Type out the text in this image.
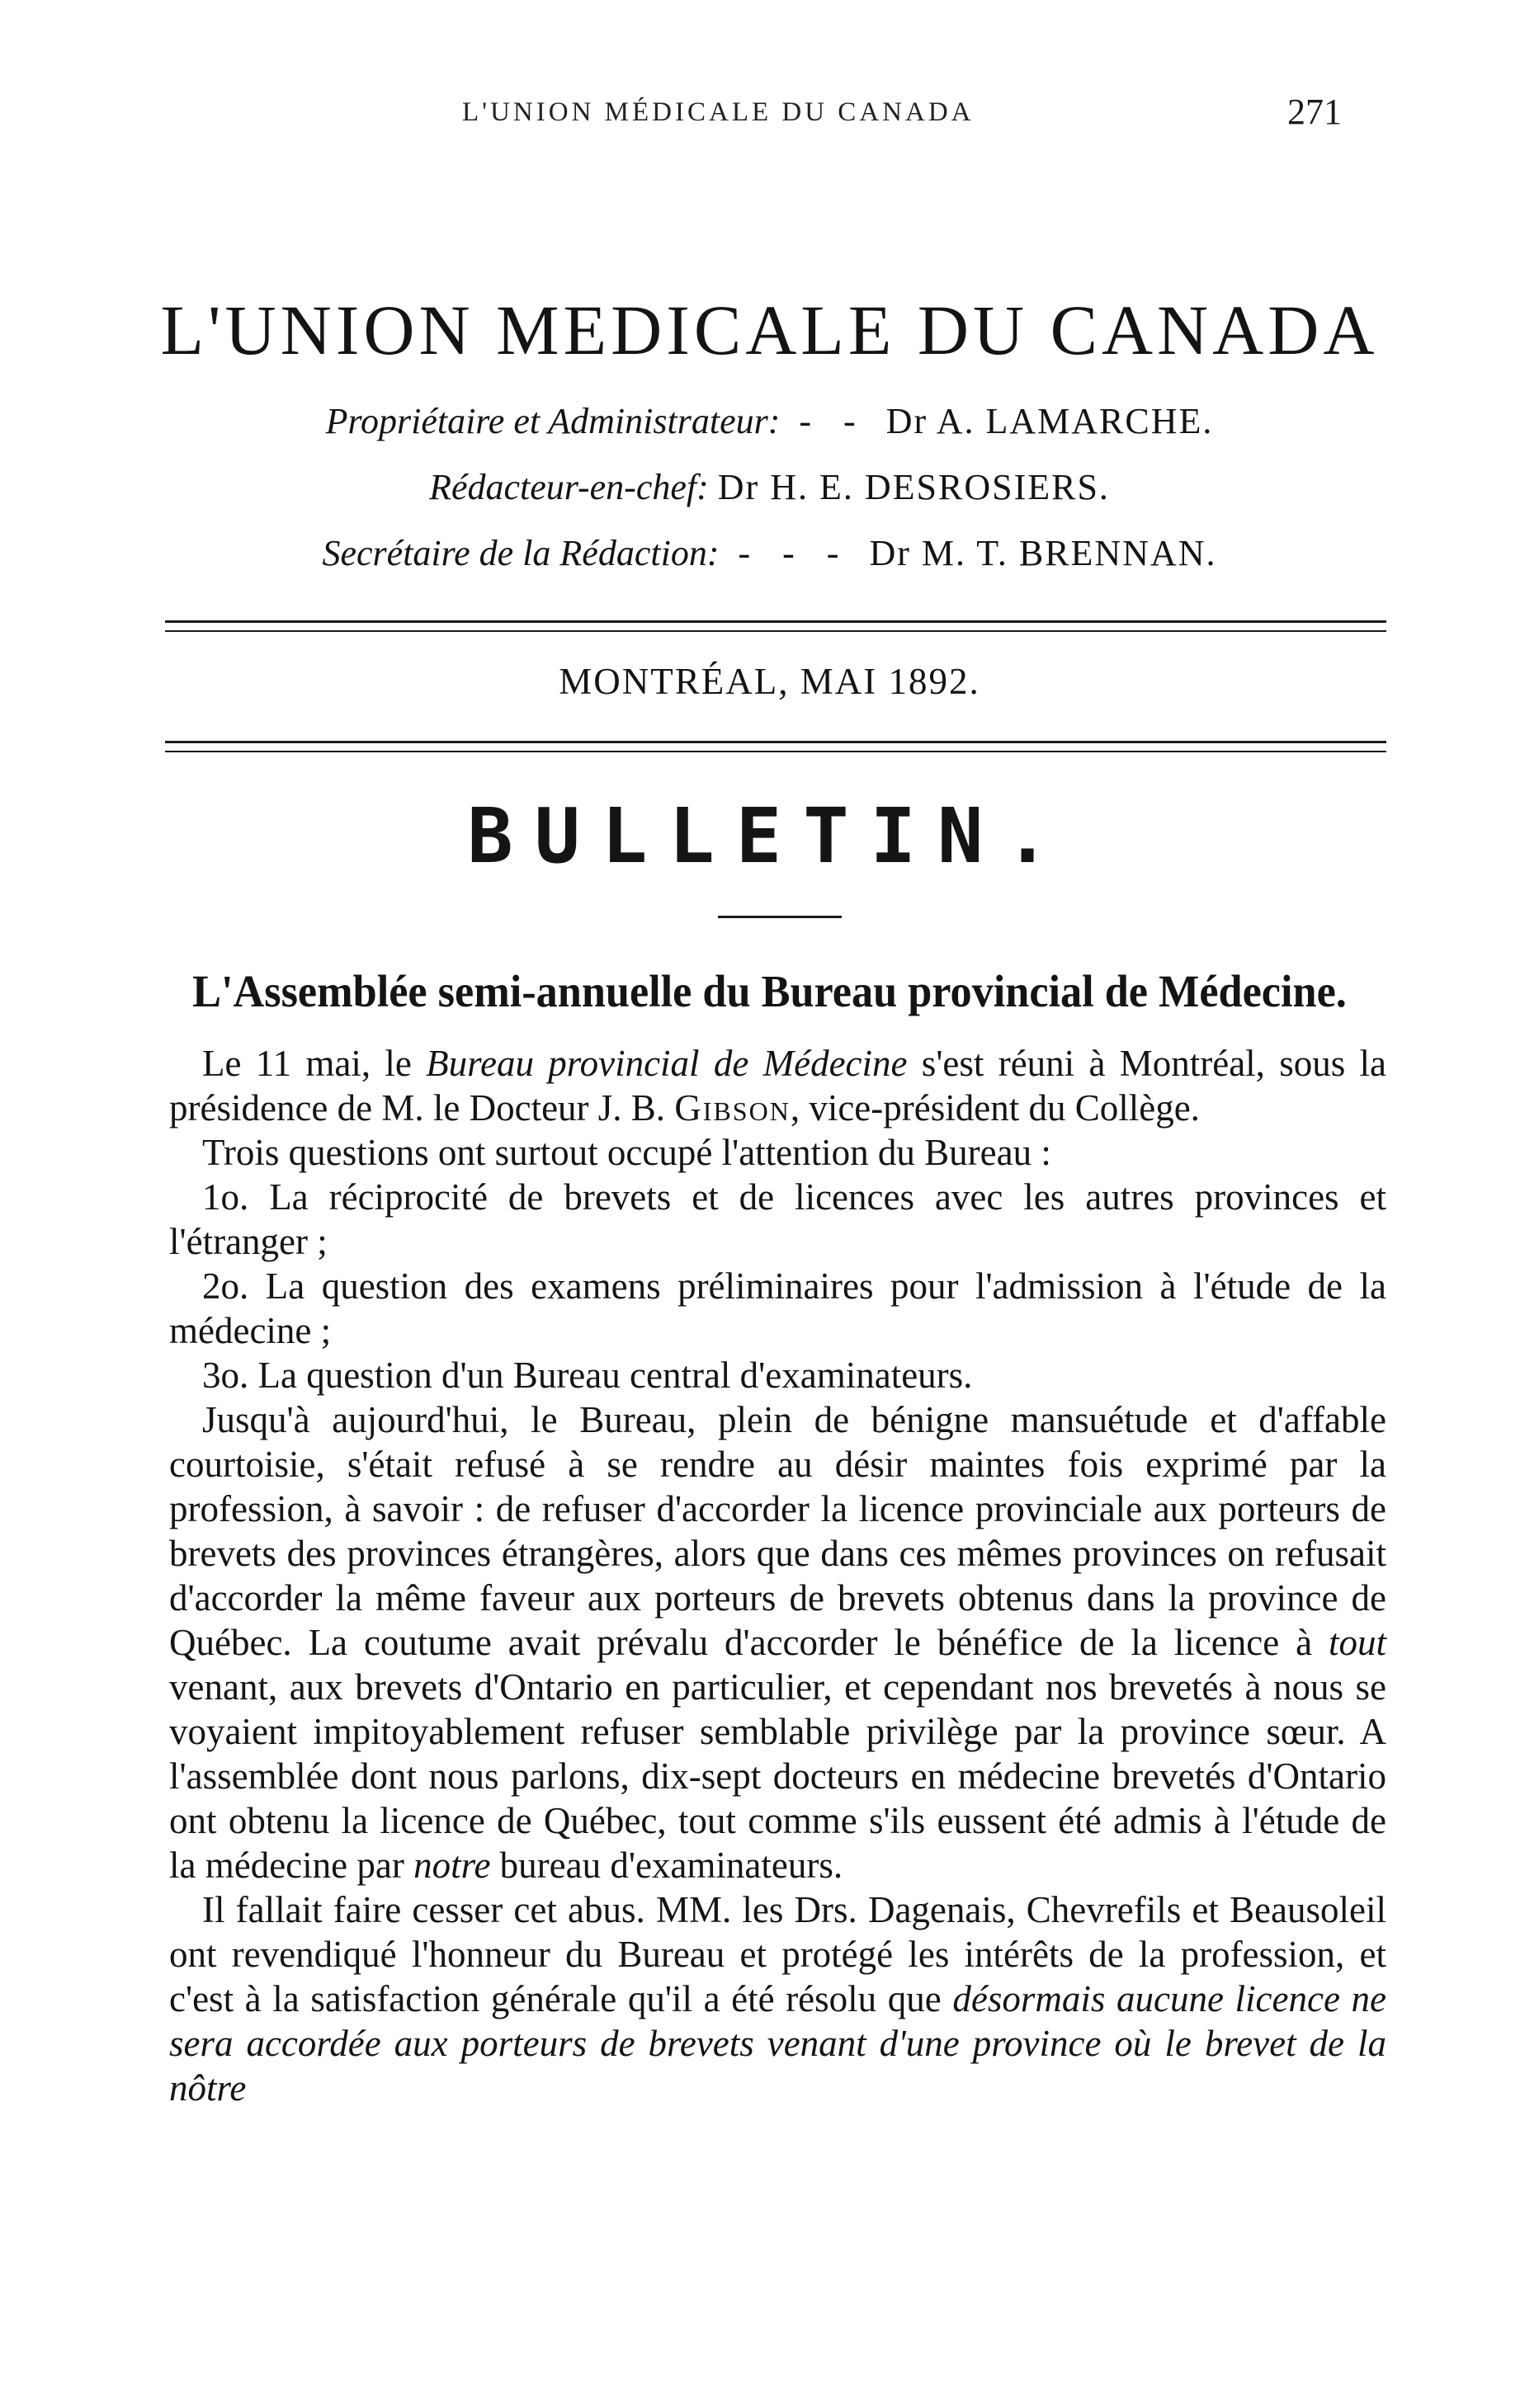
L'UNION MÉDICALE DU CANADA	271
L'UNION MEDICALE DU CANADA
Propriétaire et Administrateur: - - Dr A. LAMARCHE.
Rédacteur-en-chef: Dr H. E. DESROSIERS.
Secrétaire de la Rédaction: - - - Dr M. T. BRENNAN.
MONTRÉAL, MAI 1892.
BULLETIN.
L'Assemblée semi-annuelle du Bureau provincial de Médecine.

Le 11 mai, le Bureau provincial de Médecine s'est réuni à Montréal, sous la présidence de M. le Docteur J. B. Gibson, vice-président du Collège.

Trois questions ont surtout occupé l'attention du Bureau :

1o. La réciprocité de brevets et de licences avec les autres provinces et l'étranger ;

2o. La question des examens préliminaires pour l'admission à l'étude de la médecine ;

3o. La question d'un Bureau central d'examinateurs.

Jusqu'à aujourd'hui, le Bureau, plein de bénigne mansuétude et d'affable courtoisie, s'était refusé à se rendre au désir maintes fois exprimé par la profession, à savoir : de refuser d'accorder la licence provinciale aux porteurs de brevets des provinces étrangères, alors que dans ces mêmes provinces on refusait d'accorder la même faveur aux porteurs de brevets obtenus dans la province de Québec. La coutume avait prévalu d'accorder le bénéfice de la licence à tout venant, aux brevets d'Ontario en particulier, et cependant nos brevetés à nous se voyaient impitoyablement refuser semblable privilège par la province sœur. A l'assemblée dont nous parlons, dix-sept docteurs en médecine brevetés d'Ontario ont obtenu la licence de Québec, tout comme s'ils eussent été admis à l'étude de la médecine par notre bureau d'examinateurs.

Il fallait faire cesser cet abus. MM. les Drs. Dagenais, Chevrefils et Beausoleil ont revendiqué l'honneur du Bureau et protégé les intérêts de la profession, et c'est à la satisfaction générale qu'il a été résolu que désormais aucune licence ne sera accordée aux porteurs de brevets venant d'une province où le brevet de la nôtre
